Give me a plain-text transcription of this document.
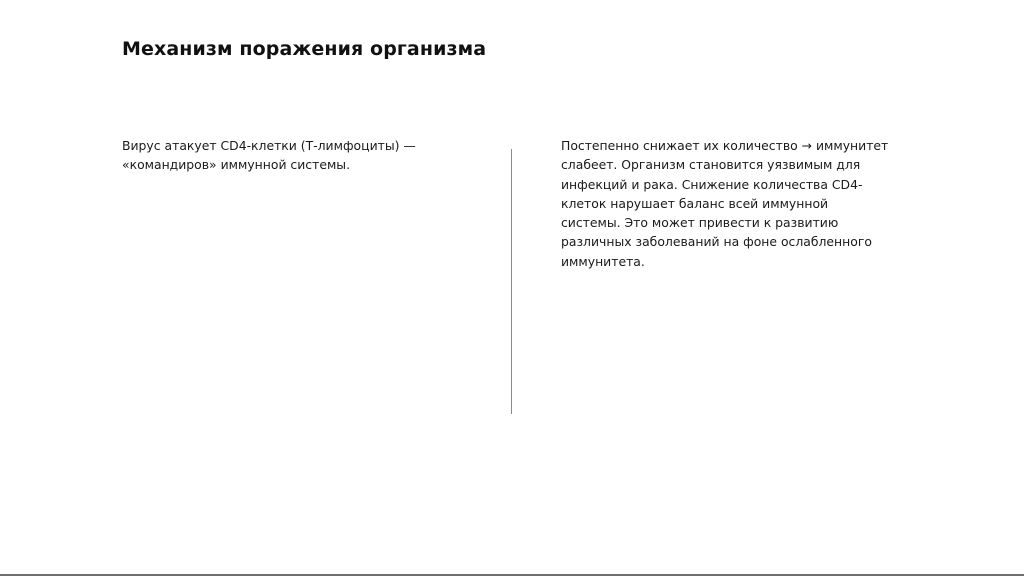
Механизм поражения организма

Вирус атакует CD4-клетки (Т-лимфоциты) — «командиров» иммунной системы.

Постепенно снижает их количество → иммунитет слабеет. Организм становится уязвимым для инфекций и рака. Снижение количества CD4-клеток нарушает баланс всей иммунной системы. Это может привести к развитию различных заболеваний на фоне ослабленного иммунитета.
